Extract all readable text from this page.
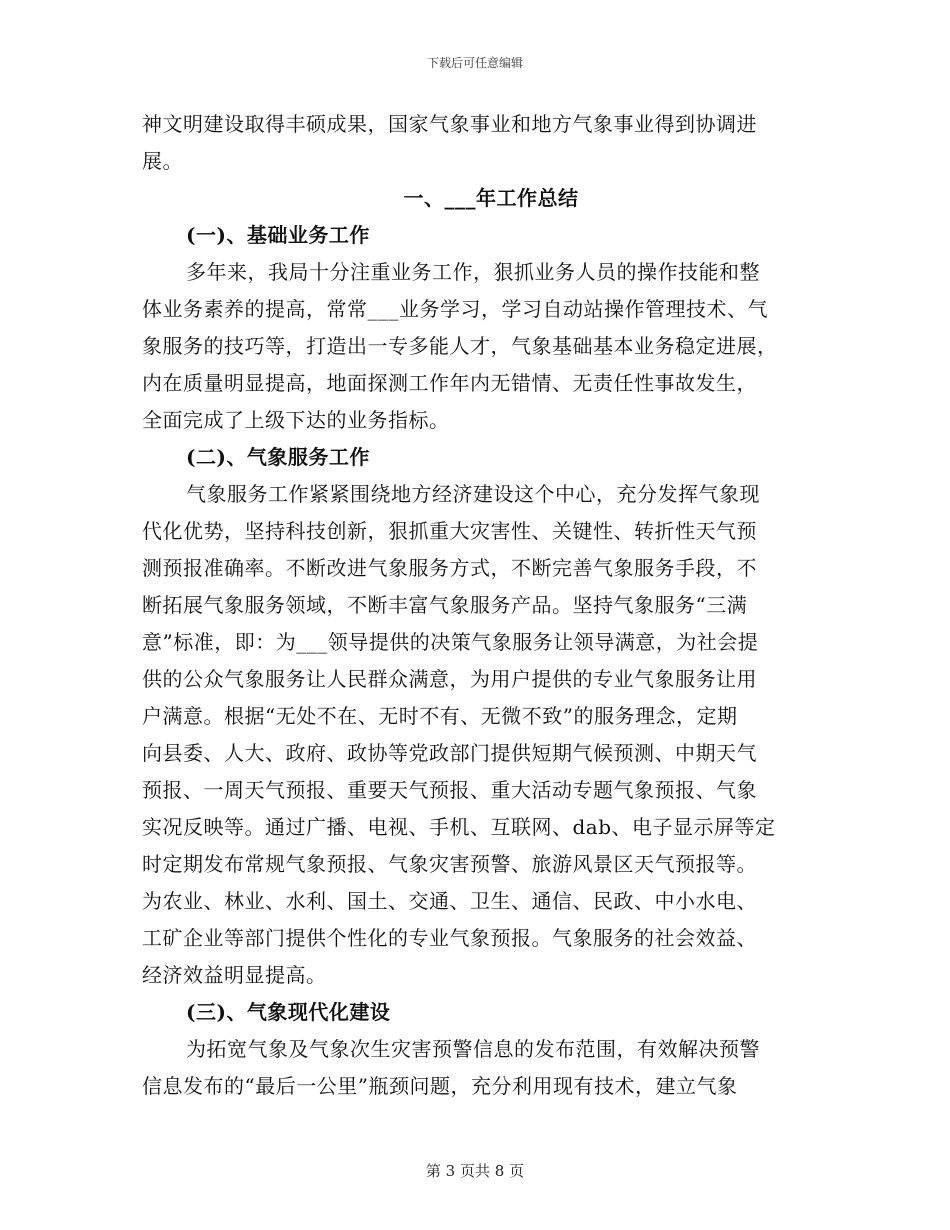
下载后可任意编辑
神文明建设取得丰硕成果，国家气象事业和地方气象事业得到协调进
展。
一、___年工作总结
(一)、基础业务工作
多年来，我局十分注重业务工作，狠抓业务人员的操作技能和整
体业务素养的提高，常常___业务学习，学习自动站操作管理技术、气
象服务的技巧等，打造出一专多能人才，气象基础基本业务稳定进展，
内在质量明显提高，地面探测工作年内无错情、无责任性事故发生，
全面完成了上级下达的业务指标。
(二)、气象服务工作
气象服务工作紧紧围绕地方经济建设这个中心，充分发挥气象现
代化优势，坚持科技创新，狠抓重大灾害性、关键性、转折性天气预
测预报准确率。不断改进气象服务方式，不断完善气象服务手段，不
断拓展气象服务领域，不断丰富气象服务产品。坚持气象服务“三满
意”标准，即：为___领导提供的决策气象服务让领导满意，为社会提
供的公众气象服务让人民群众满意，为用户提供的专业气象服务让用
户满意。根据“无处不在、无时不有、无微不致”的服务理念，定期
向县委、人大、政府、政协等党政部门提供短期气候预测、中期天气
预报、一周天气预报、重要天气预报、重大活动专题气象预报、气象
实况反映等。通过广播、电视、手机、互联网、dab、电子显示屏等定
时定期发布常规气象预报、气象灾害预警、旅游风景区天气预报等。
为农业、林业、水利、国土、交通、卫生、通信、民政、中小水电、
工矿企业等部门提供个性化的专业气象预报。气象服务的社会效益、
经济效益明显提高。
(三)、气象现代化建设
为拓宽气象及气象次生灾害预警信息的发布范围，有效解决预警
信息发布的“最后一公里”瓶颈问题，充分利用现有技术，建立气象
第 3 页共 8 页
